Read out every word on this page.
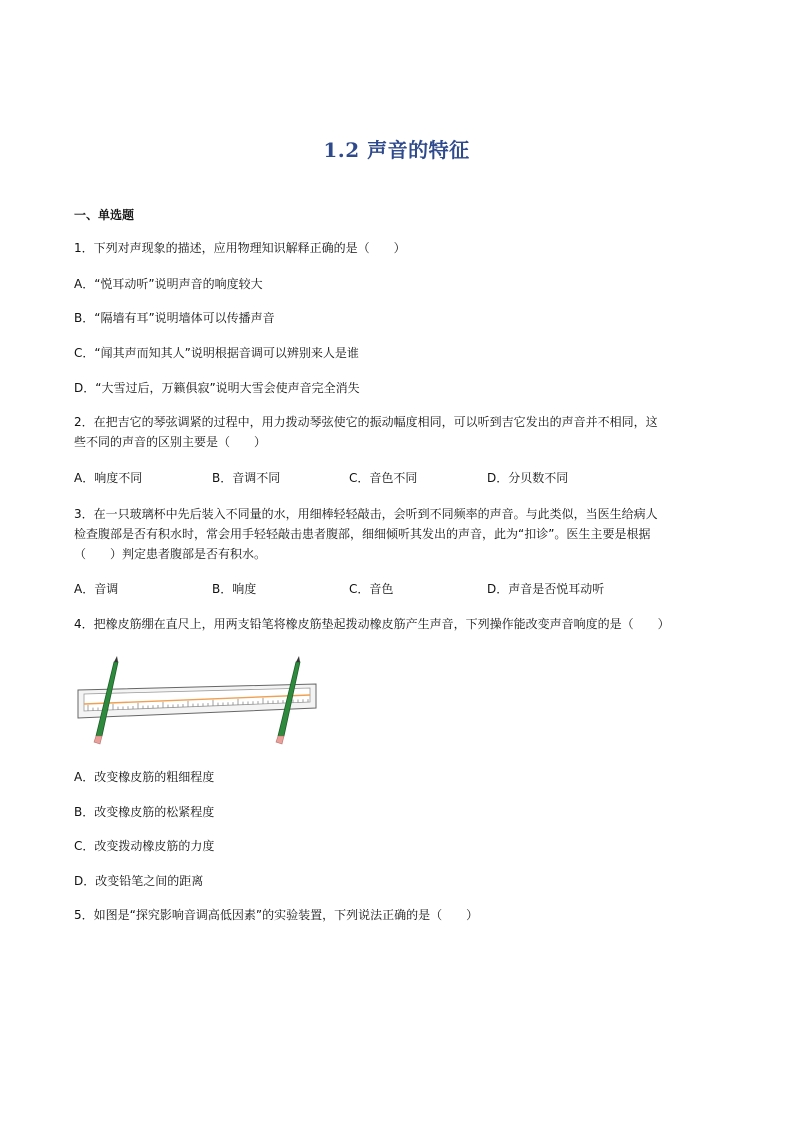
1.2 声音的特征
一、单选题
1．下列对声现象的描述，应用物理知识解释正确的是（　　）
A．“悦耳动听”说明声音的响度较大
B．“隔墙有耳”说明墙体可以传播声音
C．“闻其声而知其人”说明根据音调可以辨别来人是谁
D．“大雪过后，万籁俱寂”说明大雪会使声音完全消失
2．在把吉它的琴弦调紧的过程中，用力拨动琴弦使它的振动幅度相同，可以听到吉它发出的声音并不相同，这
些不同的声音的区别主要是（　　）
A．响度不同	B．音调不同	C．音色不同	D．分贝数不同
3．在一只玻璃杯中先后装入不同量的水，用细棒轻轻敲击，会听到不同频率的声音。与此类似，当医生给病人
检查腹部是否有积水时，常会用手轻轻敲击患者腹部，细细倾听其发出的声音，此为“扣诊”。医生主要是根据
（　　）判定患者腹部是否有积水。
A．音调	B．响度	C．音色	D．声音是否悦耳动听
4．把橡皮筋绷在直尺上，用两支铅笔将橡皮筋垫起拨动橡皮筋产生声音，下列操作能改变声音响度的是（　　）
A．改变橡皮筋的粗细程度
B．改变橡皮筋的松紧程度
C．改变拨动橡皮筋的力度
D．改变铅笔之间的距离
5．如图是“探究影响音调高低因素”的实验装置，下列说法正确的是（　　）
